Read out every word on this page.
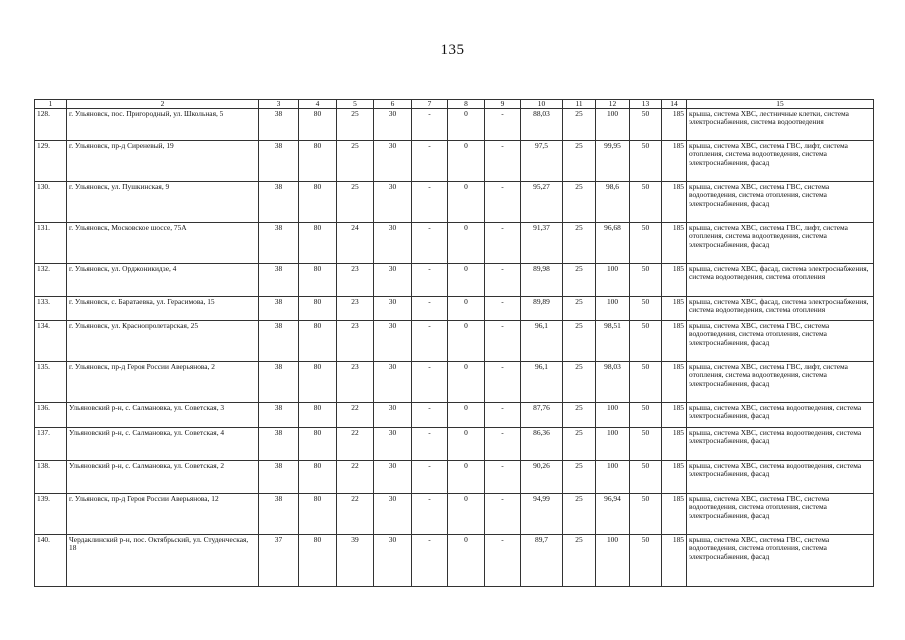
135
1	2	3	4	5	6	7	8	9	10	11	12	13	14	15
128.	г. Ульяновск, пос. Пригородный, ул. Школьная, 5	38	80	25	30	-	0	-	88,03	25	100	50	185	крыша, система ХВС, лестничные клетки, система электроснабжения, система водоотведения
129.	г. Ульяновск, пр-д Сиреневый, 19	38	80	25	30	-	0	-	97,5	25	99,95	50	185	крыша, система ХВС, система ГВС, лифт, система отопления, система водоотведения, система электроснабжения, фасад
130.	г. Ульяновск, ул. Пушкинская, 9	38	80	25	30	-	0	-	95,27	25	98,6	50	185	крыша, система ХВС, система ГВС, система водоотведения, система отопления, система электроснабжения, фасад
131.	г. Ульяновск, Московское шоссе, 75А	38	80	24	30	-	0	-	91,37	25	96,68	50	185	крыша, система ХВС, система ГВС, лифт, система отопления, система водоотведения, система электроснабжения, фасад
132.	г. Ульяновск, ул. Орджоникидзе, 4	38	80	23	30	-	0	-	89,98	25	100	50	185	крыша, система ХВС, фасад, система электроснабжения, система водоотведения, система отопления
133.	г. Ульяновск, с. Баратаевка, ул. Герасимова, 15	38	80	23	30	-	0	-	89,89	25	100	50	185	крыша, система ХВС, фасад, система электроснабжения, система водоотведения, система отопления
134.	г. Ульяновск, ул. Краснопролетарская, 25	38	80	23	30	-	0	-	96,1	25	98,51	50	185	крыша, система ХВС, система ГВС, система водоотведения, система отопления, система электроснабжения, фасад
135.	г. Ульяновск, пр-д Героя России Аверьянова, 2	38	80	23	30	-	0	-	96,1	25	98,03	50	185	крыша, система ХВС, система ГВС, лифт, система отопления, система водоотведения, система электроснабжения, фасад
136.	Ульяновский р-н, с. Салмановка, ул. Советская, 3	38	80	22	30	-	0	-	87,76	25	100	50	185	крыша, система ХВС, система водоотведения, система электроснабжения, фасад
137.	Ульяновский р-н, с. Салмановка, ул. Советская, 4	38	80	22	30	-	0	-	86,36	25	100	50	185	крыша, система ХВС, система водоотведения, система электроснабжения, фасад
138.	Ульяновский р-н, с. Салмановка, ул. Советская, 2	38	80	22	30	-	0	-	90,26	25	100	50	185	крыша, система ХВС, система водоотведения, система электроснабжения, фасад
139.	г. Ульяновск, пр-д Героя России Аверьянова, 12	38	80	22	30	-	0	-	94,99	25	96,94	50	185	крыша, система ХВС, система ГВС, система водоотведения, система отопления, система электроснабжения, фасад
140.	Чердаклинский р-н, пос. Октябрьский, ул. Студенческая, 18	37	80	39	30	-	0	-	89,7	25	100	50	185	крыша, система ХВС, система ГВС, система водоотведения, система отопления, система электроснабжения, фасад
